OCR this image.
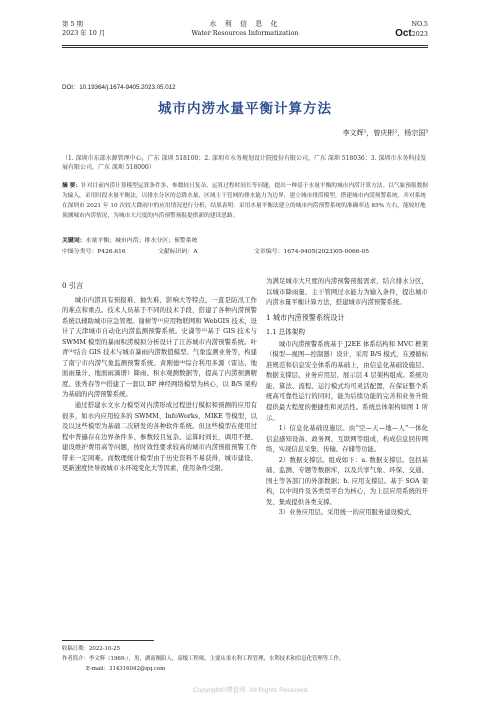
第 5 期
2023 年 10 月
水 利 信 息 化
Water Resources Informatization
NO.5
Oct2023
DOI：10.19364/j.1674-9405.2023.05.012
城市内涝水量平衡计算方法
李文辉¹，曾庆彬²，杨宗国³
（1. 深圳市东部水源管理中心，广东 深圳 518100；2. 深圳市水务规划设计院股份有限公司，广东 深圳 518036；3. 深圳市水务科技发展有限公司，广东 深圳 518000）
摘 要：针对目前内涝计算模型运算条件多、参数较且复杂、运算过程时间长等问题，提出一种基于水量平衡的城市内涝计算方法。以气象预报数据为输入，采用时段水量平衡法，以排水分区的总降水量、区域主干管网的排水能力为边界，建立城市排涝模型，搭建城市内涝预警系统。并对系统在深圳市 2021 年 10 次较大降雨中的应用情况进行分析，结果表明：采用水量平衡法建立的城市内涝预警系统的准确率达 85% 左右，能较好地预测城市内涝情况，为城市大尺度的内涝预警预报提供新的建设思路。
关键词：水量平衡；城市内涝；排水分区；预警系统
中图分类号：P426.616	文献标识码：A	文章编号：1674-9405(2023)05-0066-05
0 引言

城市内涝具有预报难、抽失难、影响大等特点，一直是防汛工作的难点和重点。技术人员基于不同的技术手段，搭建了各种内涝预警系统以辅助城市应急管理。谢树等⁽¹⁾应用物联网和 WebGIS 技术，设计了天津城市自动化内涝监测预警系统。史潇等⁽²⁾基于 GIS 技术与 SWMM 模型的暴雨积涝模拟分析设计了江苏城市内涝预警系统。叶青⁽³⁾结合 GIS 技术与城市暴雨内涝数值模型、气象监测业务等，构建了南宁市内涝气象监测预警系统。黄刚德⁽⁴⁾综合利用多源（雷达、地面雨量计、地面雨滴谱）降雨、积水观测数据等，提高了内涝预测精度。张秀春等⁽⁵⁾搭建了一套以 BP 神经网络模型为核心，以 B/S 架构为基础的内涝预警系统。

通过搭建水文水力模型对内涝形成过程进行模拟和预测的应用有很多，如水内应用较多的 SWMM、InfoWorks、MIKE 等模型，以及以这些模型为基础二次研发的各种软件系统。但这些模型在使用过程中普遍存在边界条件多、参数较且复杂、运算时间长，调用不便、建设维护费用高等问题，按时效性要求较高的城市内涝预报预警工作带来一定困难。而数理统计模型由于历史资料不易获得，城市建设、更新速度快导致城市水环境变化大等因素，使用条件受限。

为满足城市大尺度的内涝预警预报需求，结合排水分区，以城市降雨量、主干管网过水能力为输入条件，提出城市内涝水量平衡计算方法，搭建城市内涝预警系统。

1 城市内涝预警系统设计
1.1 总体架构

城市内涝预警系统基于 J2EE 体系结构和 MVC 框架（模型—视图—控制器）设计，采用 B/S 模式，在遵循标准规范和信息安全体系的基础上，由信息化基础设施层、数据支撑层、业务应用层、展示层 4 层架构组成。系统功能、算法、流程、运行模式均可灵活配置，在保证整个系统高可靠性运行的同时，能为后续功能的完善和业务升级提供最大程度的便捷性和灵活性。系统总体架构如图 1 所示。

1）信息化基础设施层。由“空—天—地—人”一体化信息感知设备、政务网、互联网等组成，构成信息回传网络，实现信息采集、传输、存储等功能。

2）数据支撑层。组成如下：a. 数据支撑层。包括基础、监测、专题等数据库，以及共享气象、环保、交通、国土等各部门的外部数据；b. 应用支撑层。基于 SOA 架构，以中间件及各类型平台为核心，为上层应用系统的开发、集成提供各类支撑。

3）业务应用层。采用统一的应用服务建设模式，

收稿日期：2022-10-25
作者简介：李文辉（1969-），男，湖南衡阳人，高级工程师，主要从事水利工程管理、水利技术和信息化管理等工作。
E-mail：314316042@qq.com
Copyright©博看网. All Rights Reserved.
